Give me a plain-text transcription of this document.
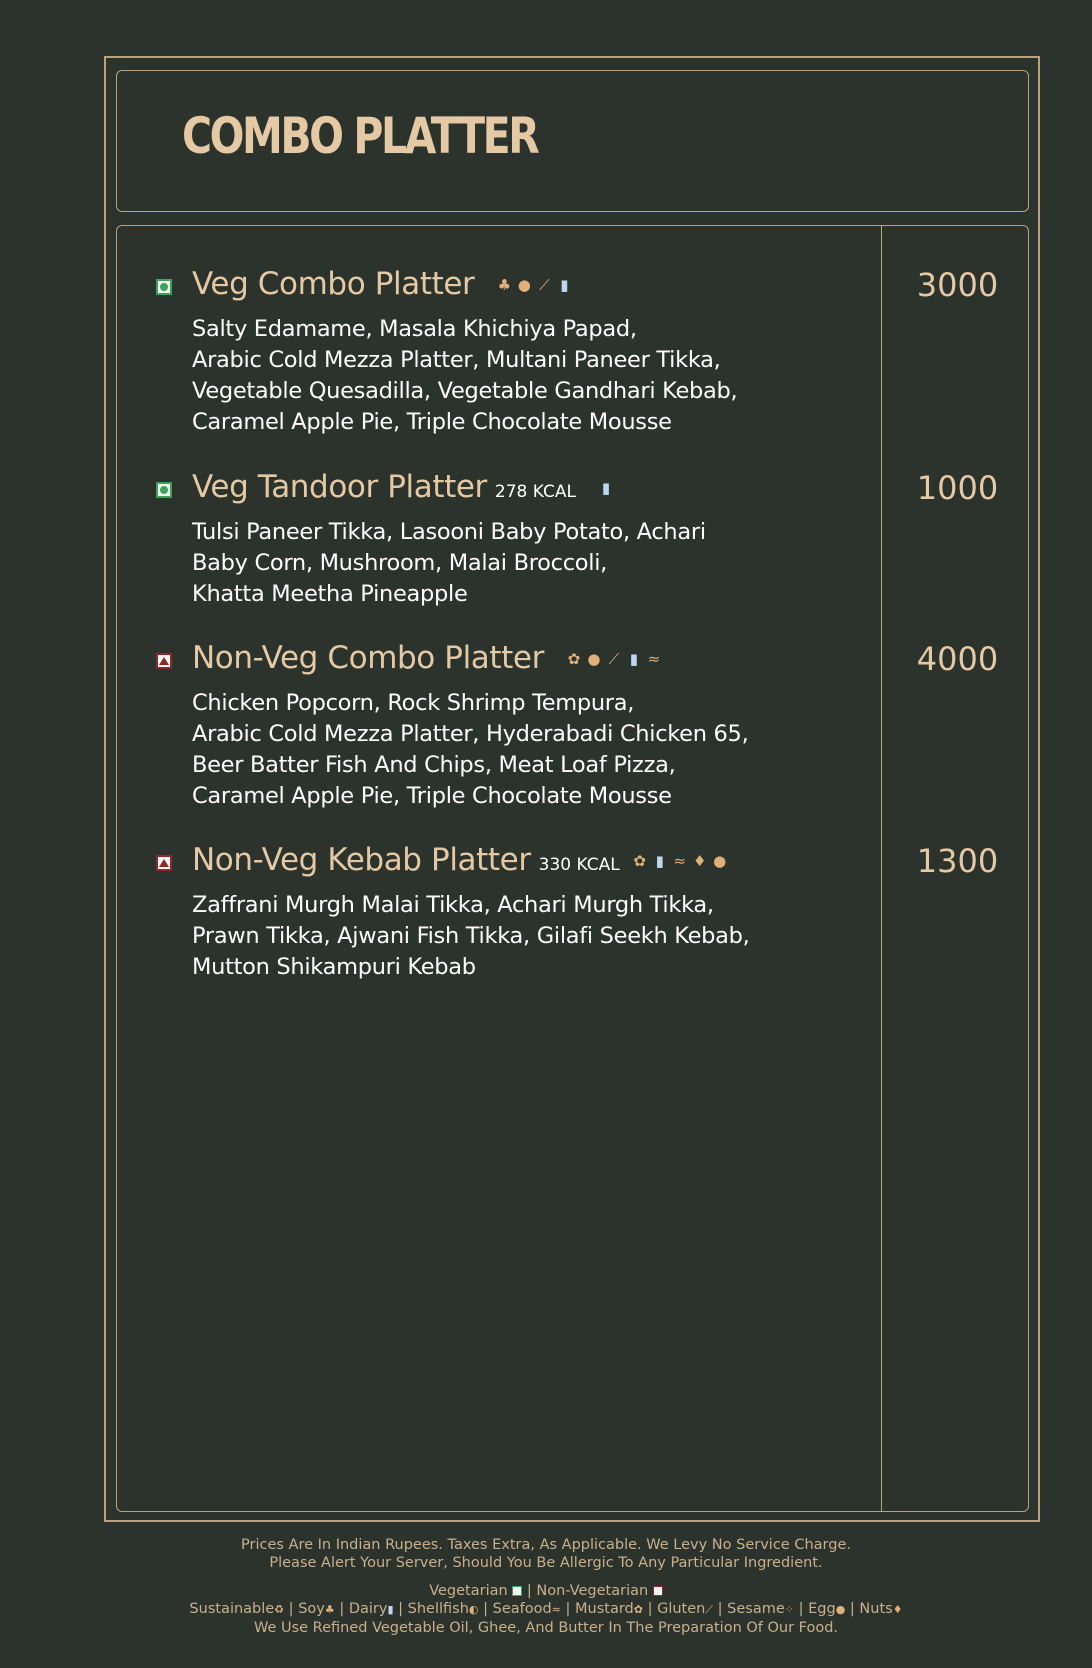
COMBO PLATTER
Veg Combo Platter ♣ ● ⟋ ▮

Salty Edamame, Masala Khichiya Papad,
Arabic Cold Mezza Platter, Multani Paneer Tikka,
Vegetable Quesadilla, Vegetable Gandhari Kebab,
Caramel Apple Pie, Triple Chocolate Mousse

3000
Veg Tandoor Platter 278 KCAL ▮

Tulsi Paneer Tikka, Lasooni Baby Potato, Achari
Baby Corn, Mushroom, Malai Broccoli,
Khatta Meetha Pineapple

1000
Non-Veg Combo Platter ✿ ● ⟋ ▮ ≈

Chicken Popcorn, Rock Shrimp Tempura,
Arabic Cold Mezza Platter, Hyderabadi Chicken 65,
Beer Batter Fish And Chips, Meat Loaf Pizza,
Caramel Apple Pie, Triple Chocolate Mousse

4000
Non-Veg Kebab Platter 330 KCAL ✿ ▮ ≈ ♦ ●

Zaffrani Murgh Malai Tikka, Achari Murgh Tikka,
Prawn Tikka, Ajwani Fish Tikka, Gilafi Seekh Kebab,
Mutton Shikampuri Kebab

1300

Prices Are In Indian Rupees. Taxes Extra, As Applicable. We Levy No Service Charge.

Please Alert Your Server, Should You Be Allergic To Any Particular Ingredient.

Vegetarian  | Non-Vegetarian

Sustainable♻ | Soy♣ | Dairy▮ | Shellfish◐ | Seafood≈ | Mustard✿ | Gluten⟋ | Sesame⁘ | Egg● | Nuts♦

We Use Refined Vegetable Oil, Ghee, And Butter In The Preparation Of Our Food.
